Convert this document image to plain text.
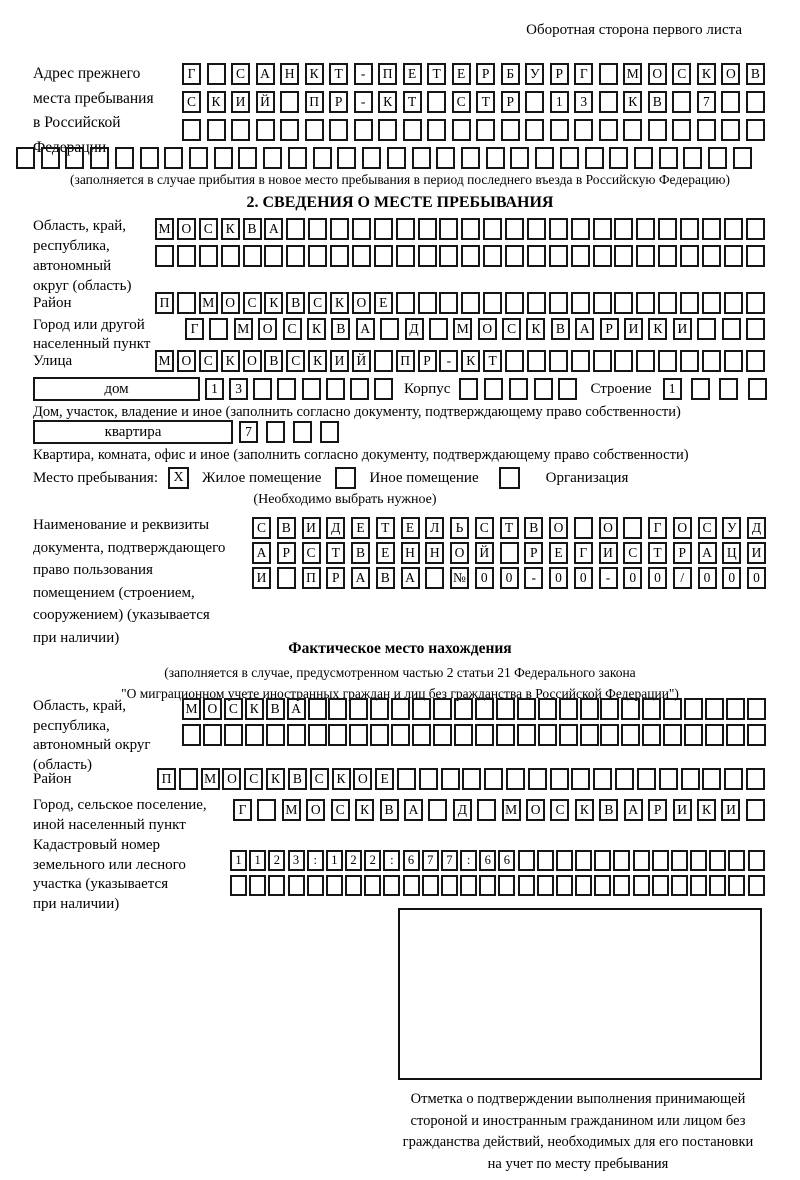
Оборотная сторона первого листа
Адрес прежнего
места пребывания
в Российской
Федерации
Г	С	А	Н	К	Т	-	П	Е	Т	Е	Р	Б	У	Р	Г	М	О	С	К	О	В
С	К	И	Й	П	Р	-	К	Т	С	Т	Р	1	3	К	В	7
(заполняется в случае прибытия в новое место пребывания в период последнего въезда в Российскую Федерацию)
2. СВЕДЕНИЯ О МЕСТЕ ПРЕБЫВАНИЯ
Область, край,
республика,
автономный
округ (область)
М О С К В А
Район	П	М О С К В С К О Е
Город или другой
населенный пункт
Г	М	О	С	К	В	А	Д	М	О	С	К	В	А	Р	И	К	И
Улица	М О С К О В С К И Й	П Р	-	К Т
дом	1	3	Корпус	Строение	1
Дом, участок, владение и иное (заполнить согласно документу, подтверждающему право собственности)
квартира	7
Квартира, комната, офис и иное (заполнить согласно документу, подтверждающему право собственности)
Место пребывания:	X	Жилое помещение	Иное помещение	Организация
(Необходимо выбрать нужное)
Наименование и реквизиты
документа, подтверждающего
право пользования
помещением (строением,
сооружением) (указывается
при наличии)
С	В	И	Д	Е	Т	Е	Л	Ь	С	Т	В	О	О	Г	О	С	У	Д
А	Р	С	Т	В	Е	Н	Н	О	Й	Р	Е	Г	И	С	Т	Р	А	Ц	И
И	П	Р	А	В	А	№	0	0	-	0	0	-	0	0	/	0	0	0
Фактическое место нахождения
(заполняется в случае, предусмотренном частью 2 статьи 21 Федерального закона
"О миграционном учете иностранных граждан и лиц без гражданства в Российской Федерации")
Область, край,
республика,
автономный округ
(область)
М О С К В А
Район	П	М О С К В С К О Е
Город, сельское поселение,
иной населенный пункт
Г	М	О	С	К	В	А	Д	М	О	С	К	В	А	Р	И	К	И
Кадастровый номер
земельного или лесного
участка (указывается
при наличии)
1	1	2	3	:	1	2	2	:	6	7	7	:	6	6
Отметка о подтверждении выполнения принимающей
стороной и иностранным гражданином или лицом без
гражданства действий, необходимых для его постановки
на учет по месту пребывания
